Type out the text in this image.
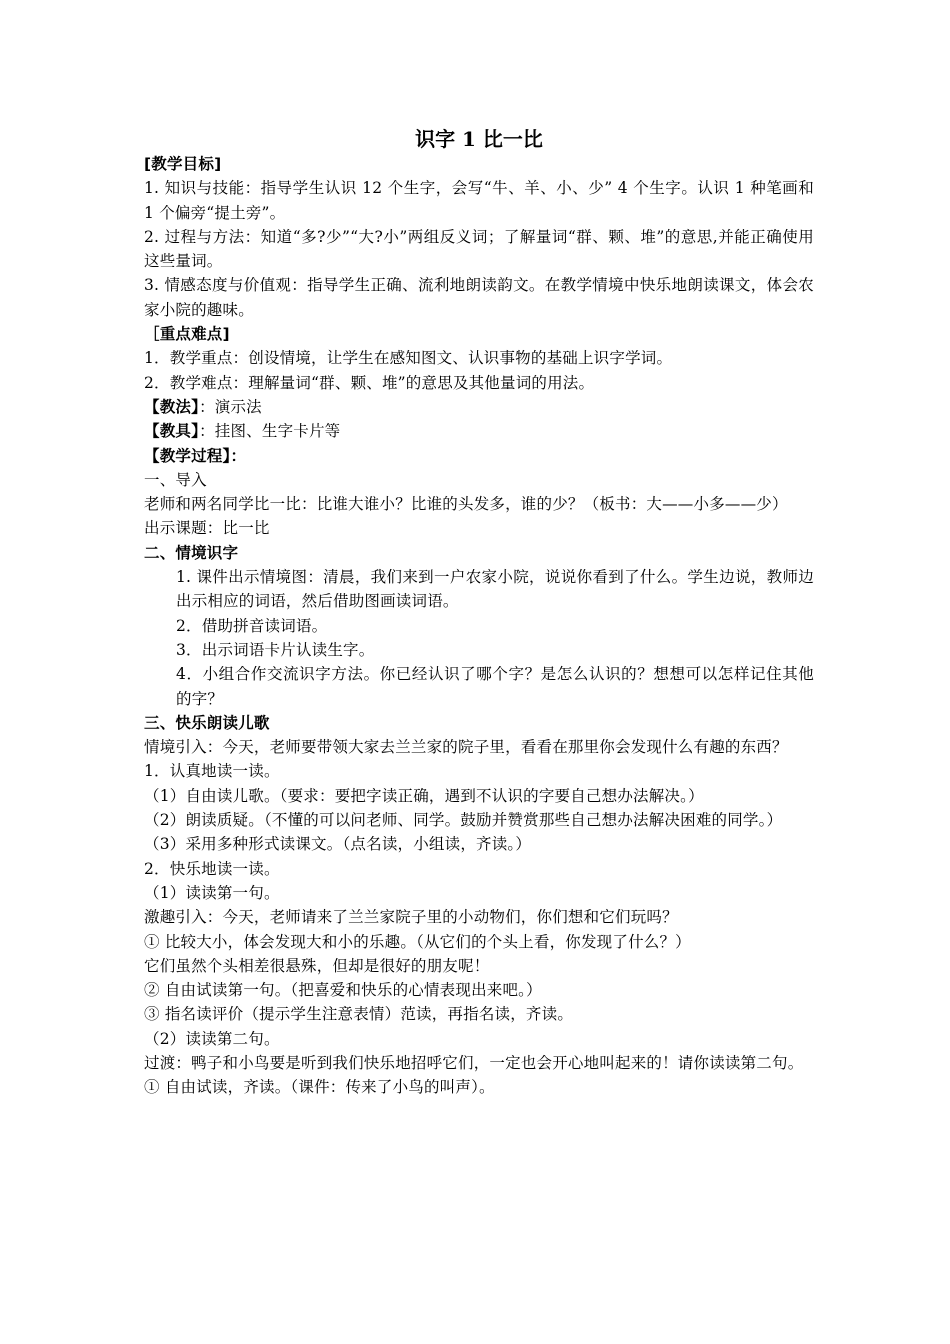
识字 1 比一比
[教学目标]
1. 知识与技能：指导学生认识 12 个生字，会写“牛、羊、小、少” 4 个生字。认识 1 种笔画和 1 个偏旁“提土旁”。
2. 过程与方法：知道“多?少”“大?小”两组反义词；了解量词“群、颗、堆”的意思,并能正确使用这些量词。
3. 情感态度与价值观：指导学生正确、流利地朗读韵文。在教学情境中快乐地朗读课文，体会农家小院的趣味。
［重点难点]
1．教学重点：创设情境，让学生在感知图文、认识事物的基础上识字学词。
2．教学难点：理解量词“群、颗、堆”的意思及其他量词的用法。
【教法】：演示法
【教具】：挂图、生字卡片等
【教学过程】：
一、导入
老师和两名同学比一比：比谁大谁小？比谁的头发多，谁的少？（板书：大——小多——少）
出示课题：比一比
二、情境识字
1. 课件出示情境图：清晨，我们来到一户农家小院，说说你看到了什么。学生边说，教师边出示相应的词语，然后借助图画读词语。
2．借助拼音读词语。
3．出示词语卡片认读生字。
4．小组合作交流识字方法。你已经认识了哪个字？是怎么认识的？想想可以怎样记住其他的字？
三、快乐朗读儿歌
情境引入：今天，老师要带领大家去兰兰家的院子里，看看在那里你会发现什么有趣的东西？
1．认真地读一读。
（1）自由读儿歌。（要求：要把字读正确，遇到不认识的字要自己想办法解决。）
（2）朗读质疑。（不懂的可以问老师、同学。鼓励并赞赏那些自己想办法解决困难的同学。）
（3）采用多种形式读课文。（点名读，小组读，齐读。）
2．快乐地读一读。
（1）读读第一句。
激趣引入：今天，老师请来了兰兰家院子里的小动物们，你们想和它们玩吗？
① 比较大小，体会发现大和小的乐趣。（从它们的个头上看，你发现了什么？）
它们虽然个头相差很悬殊，但却是很好的朋友呢！
② 自由试读第一句。（把喜爱和快乐的心情表现出来吧。）
③ 指名读评价（提示学生注意表情）范读，再指名读，齐读。
（2）读读第二句。
过渡：鸭子和小鸟要是听到我们快乐地招呼它们，一定也会开心地叫起来的！请你读读第二句。
① 自由试读，齐读。（课件：传来了小鸟的叫声）。
